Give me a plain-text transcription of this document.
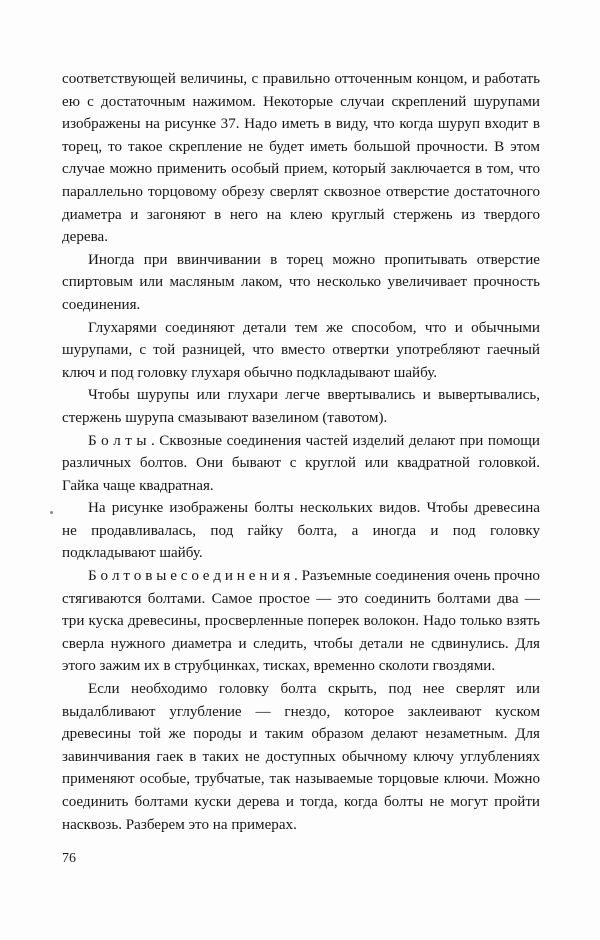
соответствующей величины, с правильно отточенным концом, и работать ею с достаточным нажимом. Некоторые случаи скреплений шурупами изображены на рисунке 37. Надо иметь в виду, что когда шуруп входит в торец, то такое скрепление не будет иметь большой прочности. В этом случае можно применить особый прием, который заключается в том, что параллельно торцовому обрезу сверлят сквозное отверстие достаточного диаметра и загоняют в него на клею круглый стержень из твердого дерева.

Иногда при ввинчивании в торец можно пропитывать отверстие спиртовым или масляным лаком, что несколько увеличивает прочность соединения.

Глухарями соединяют детали тем же способом, что и обычными шурупами, с той разницей, что вместо отвертки употребляют гаечный ключ и под головку глухаря обычно подкладывают шайбу.

Чтобы шурупы или глухари легче ввертывались и вывертывались, стержень шурупа смазывают вазелином (тавотом).

Б о л т ы . Сквозные соединения частей изделий делают при помощи различных болтов. Они бывают с круглой или квадратной головкой. Гайка чаще квадратная.

На рисунке изображены болты нескольких видов. Чтобы древесина не продавливалась, под гайку болта, а иногда и под головку подкладывают шайбу.

Б о л т о в ы е с о е д и н е н и я . Разъемные соединения очень прочно стягиваются болтами. Самое простое — это соединить болтами два — три куска древесины, просверленные поперек волокон. Надо только взять сверла нужного диаметра и следить, чтобы детали не сдвинулись. Для этого зажим их в струбцинках, тисках, временно сколоти гвоздями.

Если необходимо головку болта скрыть, под нее сверлят или выдалбливают углубление — гнездо, которое заклеивают куском древесины той же породы и таким образом делают незаметным. Для завинчивания гаек в таких не доступных обычному ключу углублениях применяют особые, трубчатые, так называемые торцовые ключи. Можно соединить болтами куски дерева и тогда, когда болты не могут пройти насквозь. Разберем это на примерах.

76
